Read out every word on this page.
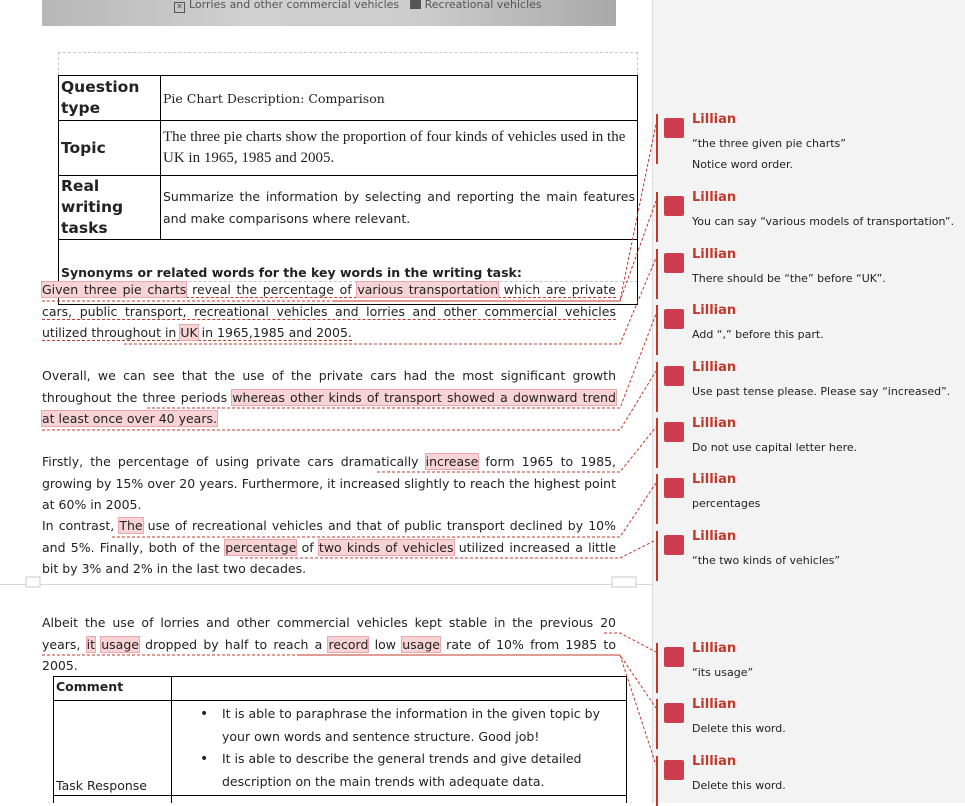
✕ Lorries and other commercial vehicles Recreational vehicles
Question type	Pie Chart Description: Comparison
Topic	The three pie charts show the proportion of four kinds of vehicles used in the UK in 1965, 1985 and 2005.
Real writing tasks	Summarize the information by selecting and reporting the main features and make comparisons where relevant.
Synonyms or related words for the key words in the writing task:	

Given three pie charts reveal the percentage of various transportation which are private cars, public transport, recreational vehicles and lorries and other commercial vehicles utilized throughout in UK in 1965,1985 and 2005.

Overall, we can see that the use of the private cars had the most significant growth throughout the three periods whereas other kinds of transport showed a downward trend at least once over 40 years.

Firstly, the percentage of using private cars dramatically increase form 1965 to 1985, growing by 15% over 20 years. Furthermore, it increased slightly to reach the highest point at 60% in 2005.

In contrast, The use of recreational vehicles and that of public transport declined by 10% and 5%. Finally, both of the percentage of two kinds of vehicles utilized increased a little bit by 3% and 2% in the last two decades.

Albeit the use of lorries and other commercial vehicles kept stable in the previous 20 years, it usage dropped by half to reach a record low usage rate of 10% from 1985 to 2005.

Comment	
Task Response	• It is able to paraphrase the information in the given topic by your own words and sentence structure. Good job!
• It is able to describe the general trends and give detailed description on the main trends with adequate data.

Lillian
“the three given pie charts”
Notice word order.
Lillian
You can say “various models of transportation”.
Lillian
There should be “the” before “UK”.
Lillian
Add “,” before this part.
Lillian
Use past tense please. Please say “increased”.
Lillian
Do not use capital letter here.
Lillian
percentages
Lillian
“the two kinds of vehicles”
Lillian
“its usage”
Lillian
Delete this word.
Lillian
Delete this word.
